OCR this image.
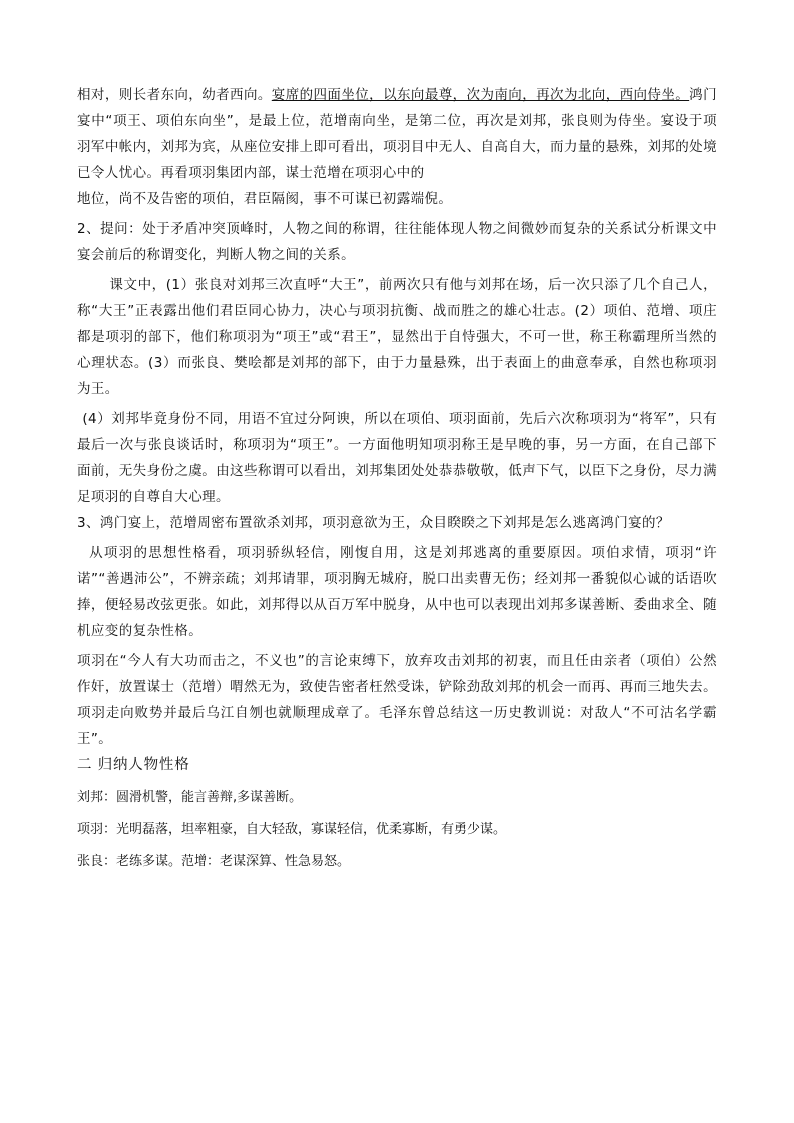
相对，则长者东向，幼者西向。宴席的四面坐位，以东向最尊，次为南向，再次为北向，西向侍坐。鸿门宴中“项王、项伯东向坐”，是最上位，范增南向坐，是第二位，再次是刘邦，张良则为侍坐。宴设于项羽军中帐内，刘邦为宾，从座位安排上即可看出，项羽目中无人、自高自大，而力量的悬殊，刘邦的处境已令人忧心。再看项羽集团内部，谋士范增在项羽心中的

地位，尚不及告密的项伯，君臣隔阂，事不可谋已初露端倪。

2、提问：处于矛盾冲突顶峰时，人物之间的称谓，往往能体现人物之间微妙而复杂的关系试分析课文中宴会前后的称谓变化，判断人物之间的关系。

课文中，(1）张良对刘邦三次直呼“大王”，前两次只有他与刘邦在场，后一次只添了几个自己人，称“大王”正表露出他们君臣同心协力，决心与项羽抗衡、战而胜之的雄心壮志。(2）项伯、范增、项庄都是项羽的部下，他们称项羽为“项王”或“君王”，显然出于自恃强大，不可一世，称王称霸理所当然的心理状态。(3）而张良、樊哙都是刘邦的部下，由于力量悬殊，出于表面上的曲意奉承，自然也称项羽为王。

(4）刘邦毕竟身份不同，用语不宜过分阿谀，所以在项伯、项羽面前，先后六次称项羽为“将军”，只有最后一次与张良谈话时，称项羽为“项王”。一方面他明知项羽称王是早晚的事，另一方面，在自己部下面前，无失身份之虞。由这些称谓可以看出，刘邦集团处处恭恭敬敬，低声下气，以臣下之身份，尽力满足项羽的自尊自大心理。

3、鸿门宴上，范增周密布置欲杀刘邦，项羽意欲为王，众目睽睽之下刘邦是怎么逃离鸿门宴的？

从项羽的思想性格看，项羽骄纵轻信，刚愎自用，这是刘邦逃离的重要原因。项伯求情，项羽“许诺”“善遇沛公”，不辨亲疏；刘邦请罪，项羽胸无城府，脱口出卖曹无伤；经刘邦一番貌似心诚的话语吹捧，便轻易改弦更张。如此，刘邦得以从百万军中脱身，从中也可以表现出刘邦多谋善断、委曲求全、随机应变的复杂性格。

项羽在“今人有大功而击之，不义也”的言论束缚下，放弃攻击刘邦的初衷，而且任由亲者（项伯）公然作奸，放置谋士（范增）喟然无为，致使告密者枉然受诛，铲除劲敌刘邦的机会一而再、再而三地失去。项羽走向败势并最后乌江自刎也就顺理成章了。毛泽东曾总结这一历史教训说：对敌人“不可沽名学霸王”。

二 归纳人物性格

刘邦：圆滑机警，能言善辩,多谋善断。

项羽：光明磊落，坦率粗豪，自大轻敌，寡谋轻信，优柔寡断，有勇少谋。

张良：老练多谋。范增：老谋深算、性急易怒。
